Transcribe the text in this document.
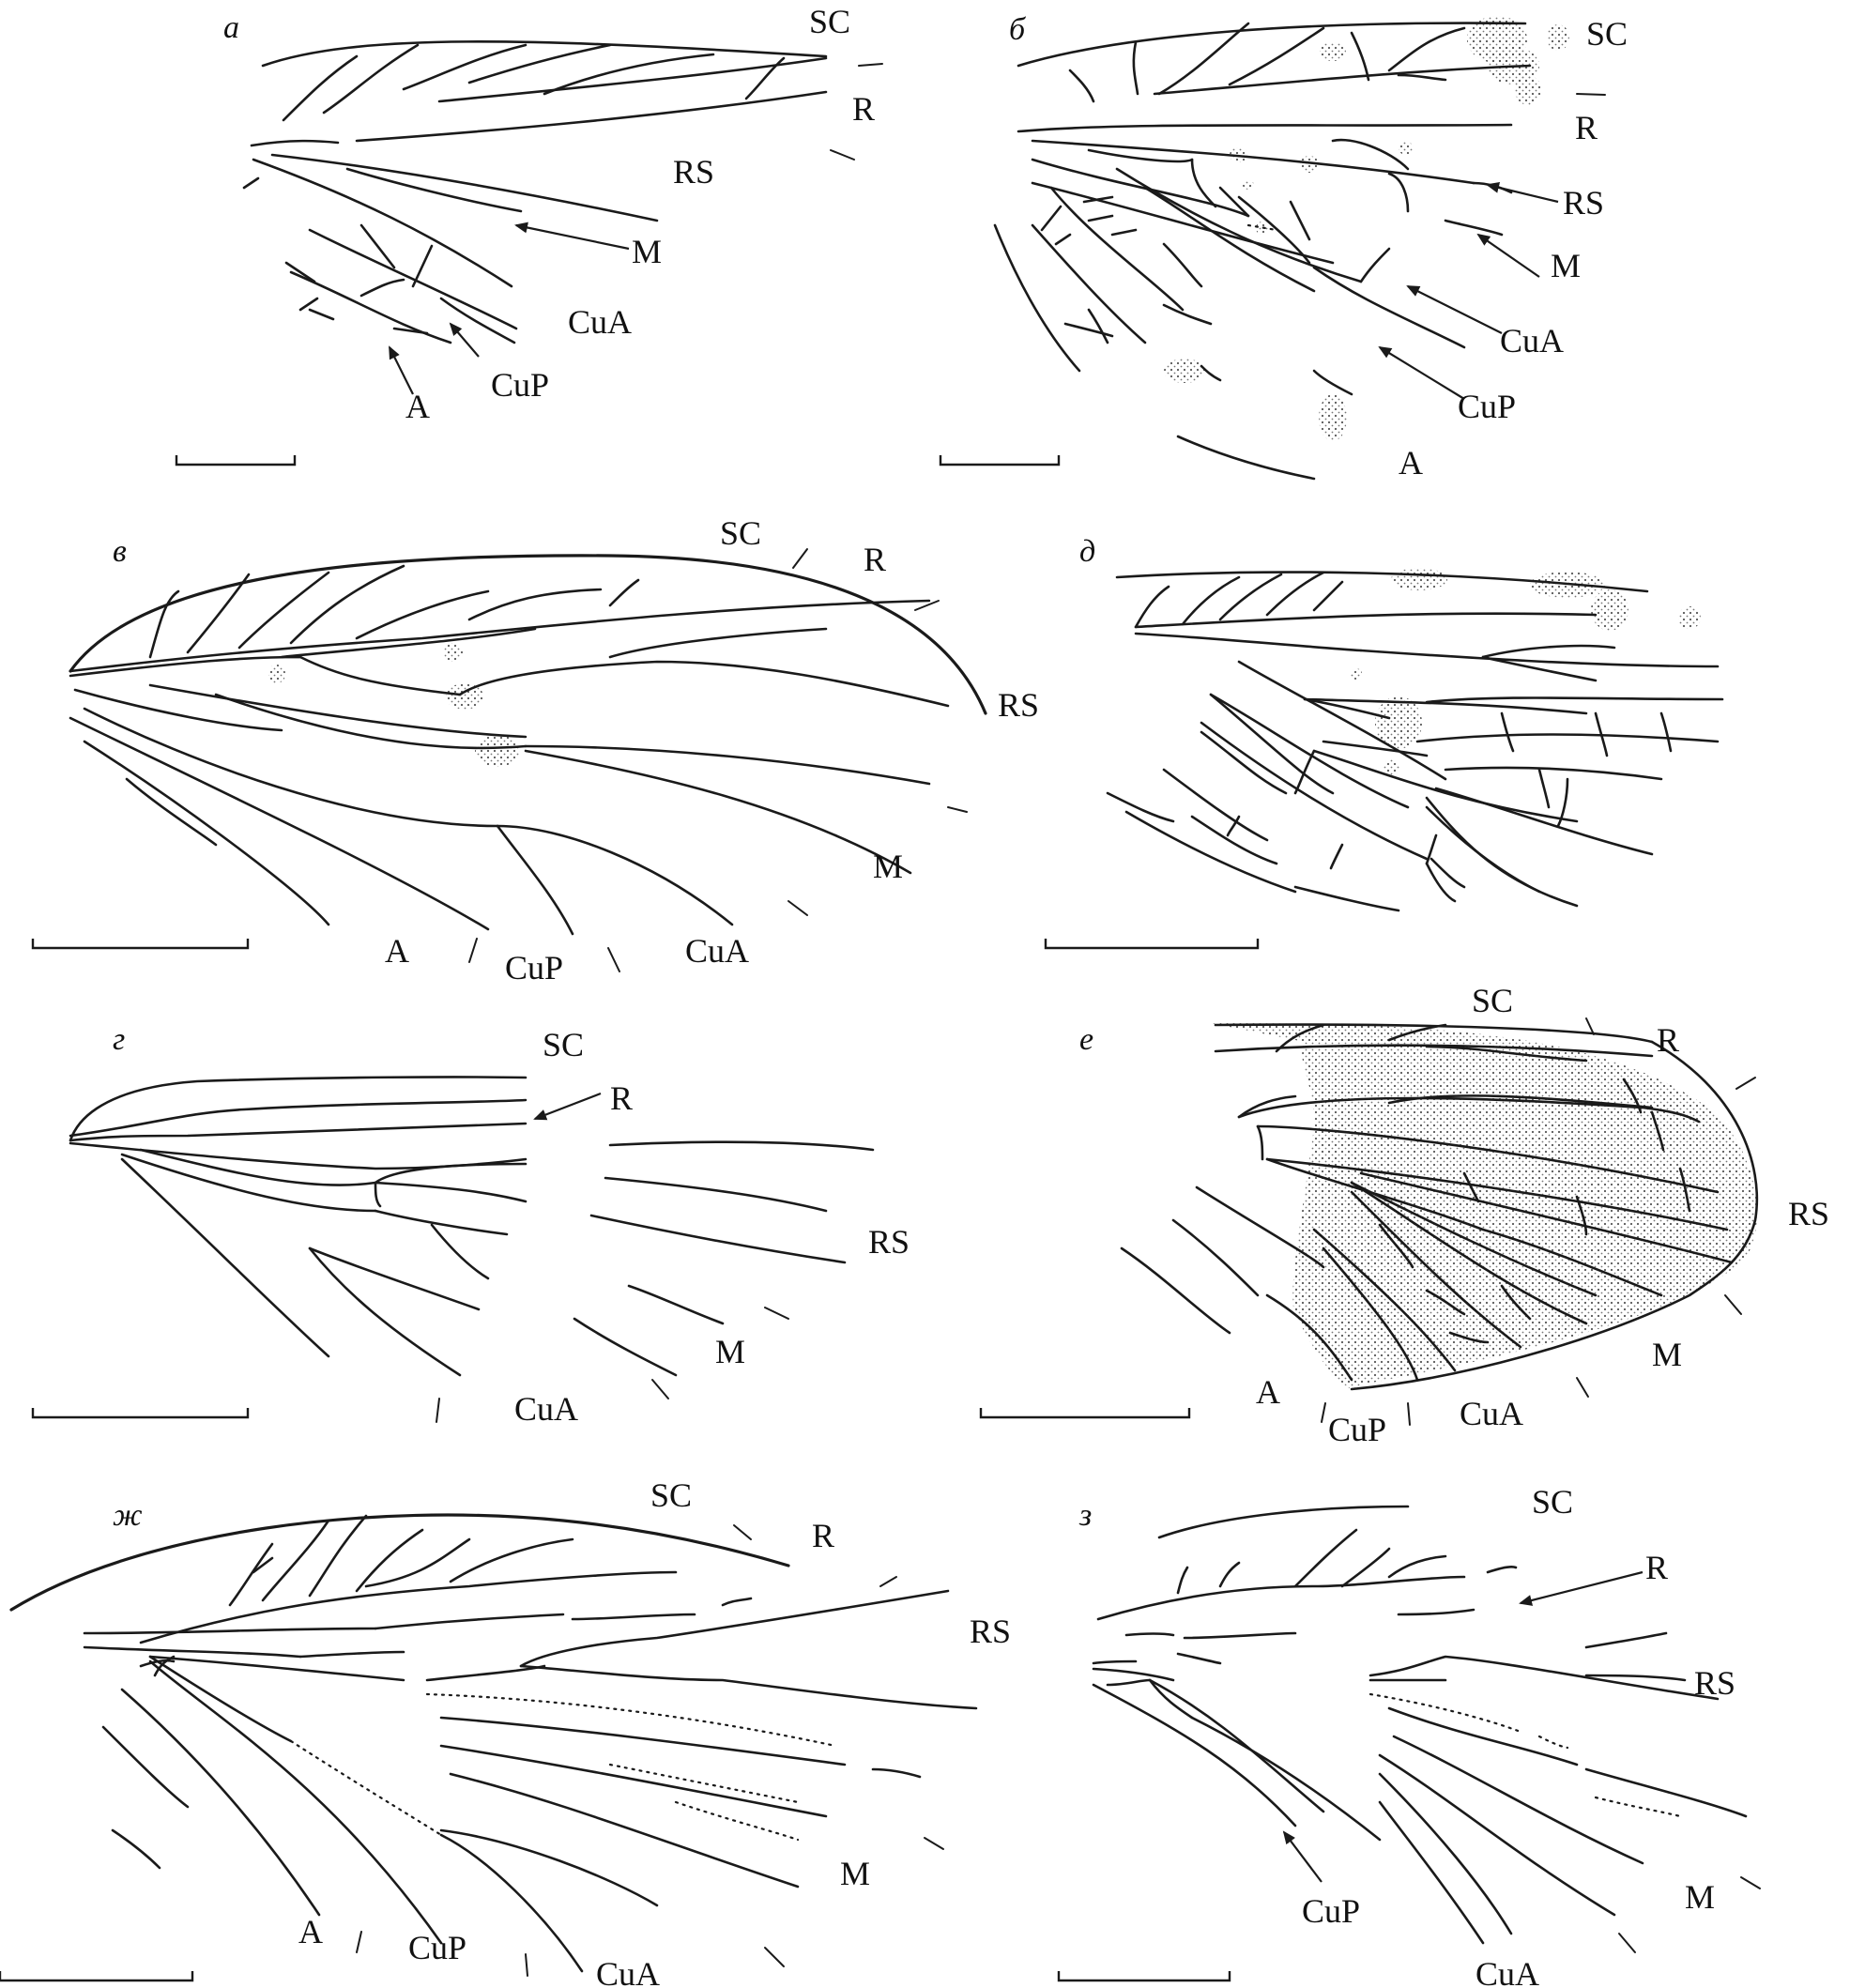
а	SC
R
RS
M
CuA
CuP
A
б	SC
R
RS
M
CuA
CuP
A
в	SC
R
RS
M
CuA
CuP
A
д
г	SC
R
RS
M
CuA
е
SC
R
RS
M
CuA
CuP
A
ж
SC
R
RS
M
CuA
CuP
A
з	SC
R
RS
M
CuA
CuP
